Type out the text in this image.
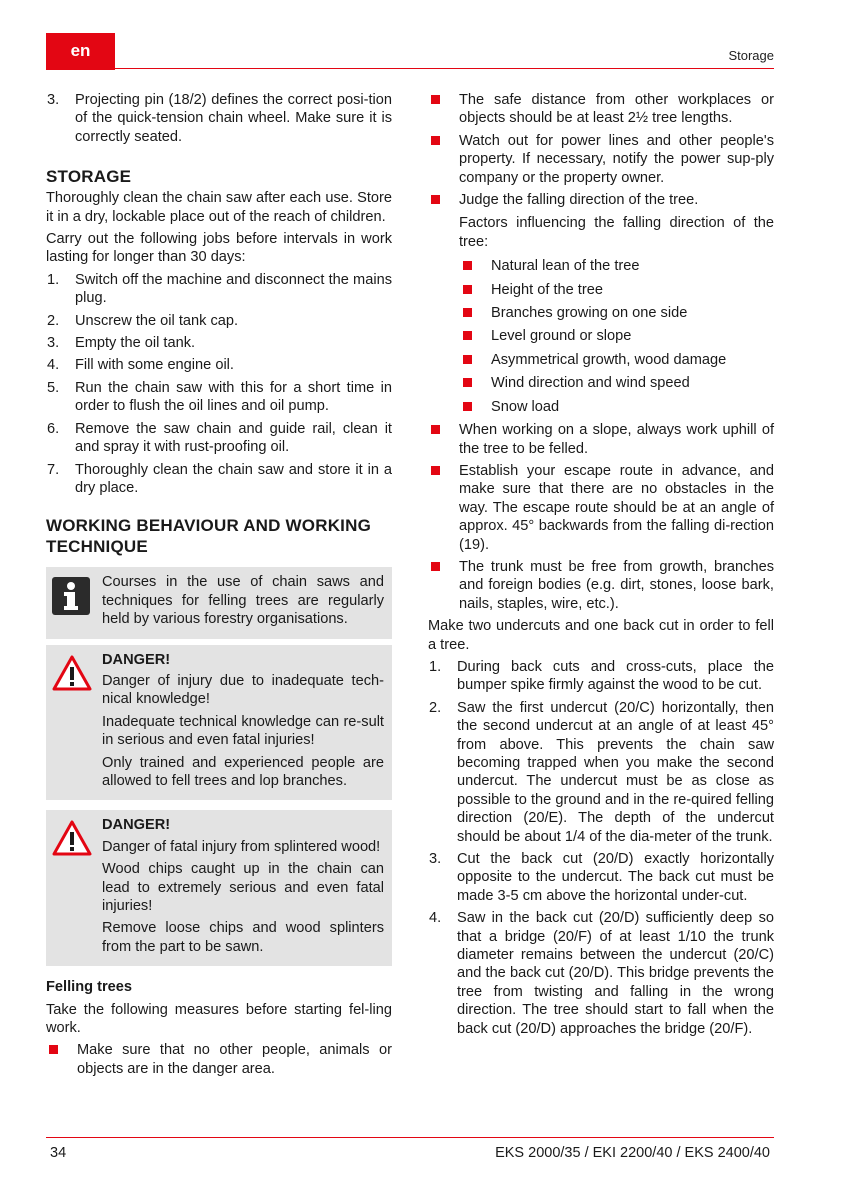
en	Storage
3. Projecting pin (18/2) defines the correct posi-tion of the quick-tension chain wheel. Make sure it is correctly seated.
STORAGE

Thoroughly clean the chain saw after each use. Store it in a dry, lockable place out of the reach of children.

Carry out the following jobs before intervals in work lasting for longer than 30 days:

1. Switch off the machine and disconnect the mains plug.
2. Unscrew the oil tank cap.
3. Empty the oil tank.
4. Fill with some engine oil.
5. Run the chain saw with this for a short time in order to flush the oil lines and oil pump.
6. Remove the saw chain and guide rail, clean it and spray it with rust-proofing oil.
7. Thoroughly clean the chain saw and store it in a dry place.
WORKING BEHAVIOUR AND WORKING TECHNIQUE

Courses in the use of chain saws and techniques for felling trees are regularly held by various forestry organisations.

DANGER!

Danger of injury due to inadequate tech-nical knowledge!

Inadequate technical knowledge can re-sult in serious and even fatal injuries!

Only trained and experienced people are allowed to fell trees and lop branches.

DANGER!

Danger of fatal injury from splintered wood!

Wood chips caught up in the chain can lead to extremely serious and even fatal injuries!

Remove loose chips and wood splinters from the part to be sawn.

Felling trees

Take the following measures before starting fel-ling work.

Make sure that no other people, animals or objects are in the danger area.
The safe distance from other workplaces or objects should be at least 2½ tree lengths.
Watch out for power lines and other people's property. If necessary, notify the power sup-ply company or the property owner.
Judge the falling direction of the tree.

Factors influencing the falling direction of the tree:

Natural lean of the tree
Height of the tree
Branches growing on one side
Level ground or slope
Asymmetrical growth, wood damage
Wind direction and wind speed
Snow load
When working on a slope, always work uphill of the tree to be felled.
Establish your escape route in advance, and make sure that there are no obstacles in the way. The escape route should be at an angle of approx. 45° backwards from the falling di-rection (19).
The trunk must be free from growth, branches and foreign bodies (e.g. dirt, stones, loose bark, nails, staples, wire, etc.).

Make two undercuts and one back cut in order to fell a tree.

1. During back cuts and cross-cuts, place the bumper spike firmly against the wood to be cut.
2. Saw the first undercut (20/C) horizontally, then the second undercut at an angle of at least 45° from above. This prevents the chain saw becoming trapped when you make the second undercut. The undercut must be as close as possible to the ground and in the re-quired felling direction (20/E). The depth of the undercut should be about 1/4 of the dia-meter of the trunk.
3. Cut the back cut (20/D) exactly horizontally opposite to the undercut. The back cut must be made 3-5 cm above the horizontal under-cut.
4. Saw in the back cut (20/D) sufficiently deep so that a bridge (20/F) of at least 1/10 the trunk diameter remains between the undercut (20/C) and the back cut (20/D). This bridge prevents the tree from twisting and falling in the wrong direction. The tree should start to fall when the back cut (20/D) approaches the bridge (20/F).
34	EKS 2000/35 / EKI 2200/40 / EKS 2400/40
